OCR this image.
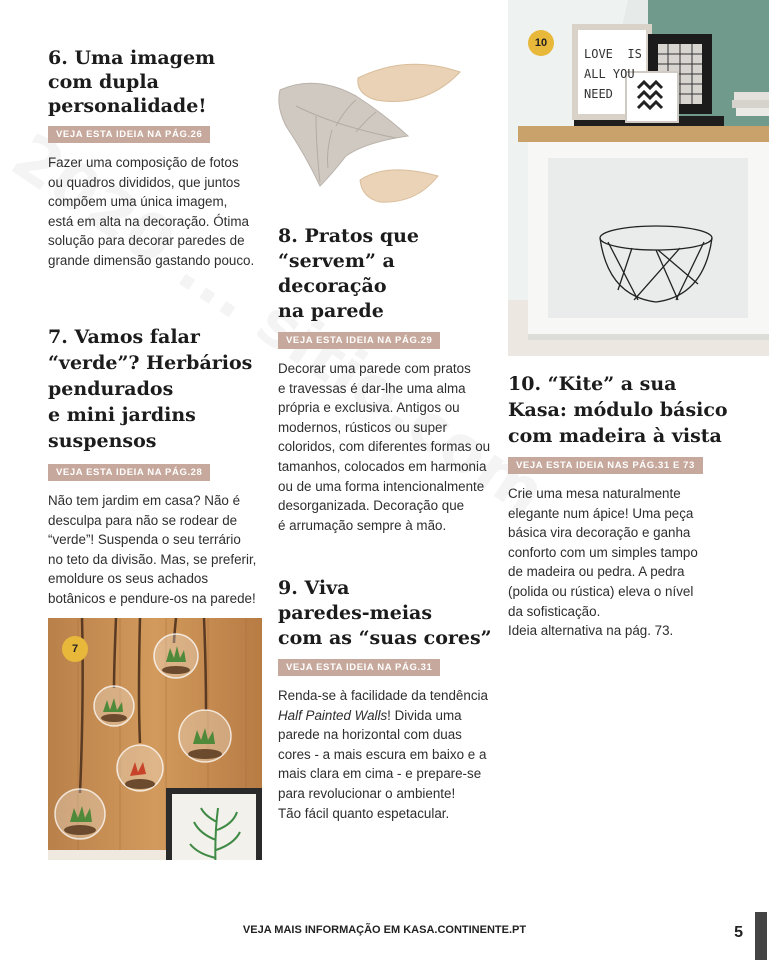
6. Uma imagem
com dupla
personalidade!
VEJA ESTA IDEIA NA PÁG.26
Fazer uma composição de fotos
ou quadros divididos, que juntos
compõem uma única imagem,
está em alta na decoração. Ótima
solução para decorar paredes de
grande dimensão gastando pouco.
7. Vamos falar
“verde”? Herbários
pendurados
e mini jardins
suspensos
VEJA ESTA IDEIA NA PÁG.28
Não tem jardim em casa? Não é
desculpa para não se rodear de
“verde”! Suspenda o seu terrário
no teto da divisão. Mas, se preferir,
emoldure os seus achados
botânicos e pendure-os na parede!
7
8. Pratos que
“servem” a
decoração
na parede
VEJA ESTA IDEIA NA PÁG.29
Decorar uma parede com pratos
e travessas é dar-lhe uma alma
própria e exclusiva. Antigos ou
modernos, rústicos ou super
coloridos, com diferentes formas ou
tamanhos, colocados em harmonia
ou de uma forma intencionalmente
desorganizada. Decoração que
é arrumação sempre à mão.
9. Viva
paredes-meias
com as “suas cores”
VEJA ESTA IDEIA NA PÁG.31
Renda-se à facilidade da tendência
Half Painted Walls! Divida uma
parede na horizontal com duas
cores - a mais escura em baixo e a
mais clara em cima - e prepare-se
para revolucionar o ambiente!
Tão fácil quanto espetacular.
LOVE IS
ALL YOU
NEED
10
10. “Kite” a sua
Kasa: módulo básico
com madeira à vista
VEJA ESTA IDEIA NAS PÁG.31 E 73
Crie uma mesa naturalmente
elegante num ápice! Uma peça
básica vira decoração e ganha
conforto com um simples tampo
de madeira ou pedra. A pedra
(polida ou rústica) eleva o nível
da sofisticação.
Ideia alternativa na pág. 73.
VEJA MAIS INFORMAÇÃO EM KASA.CONTINENTE.PT	5
